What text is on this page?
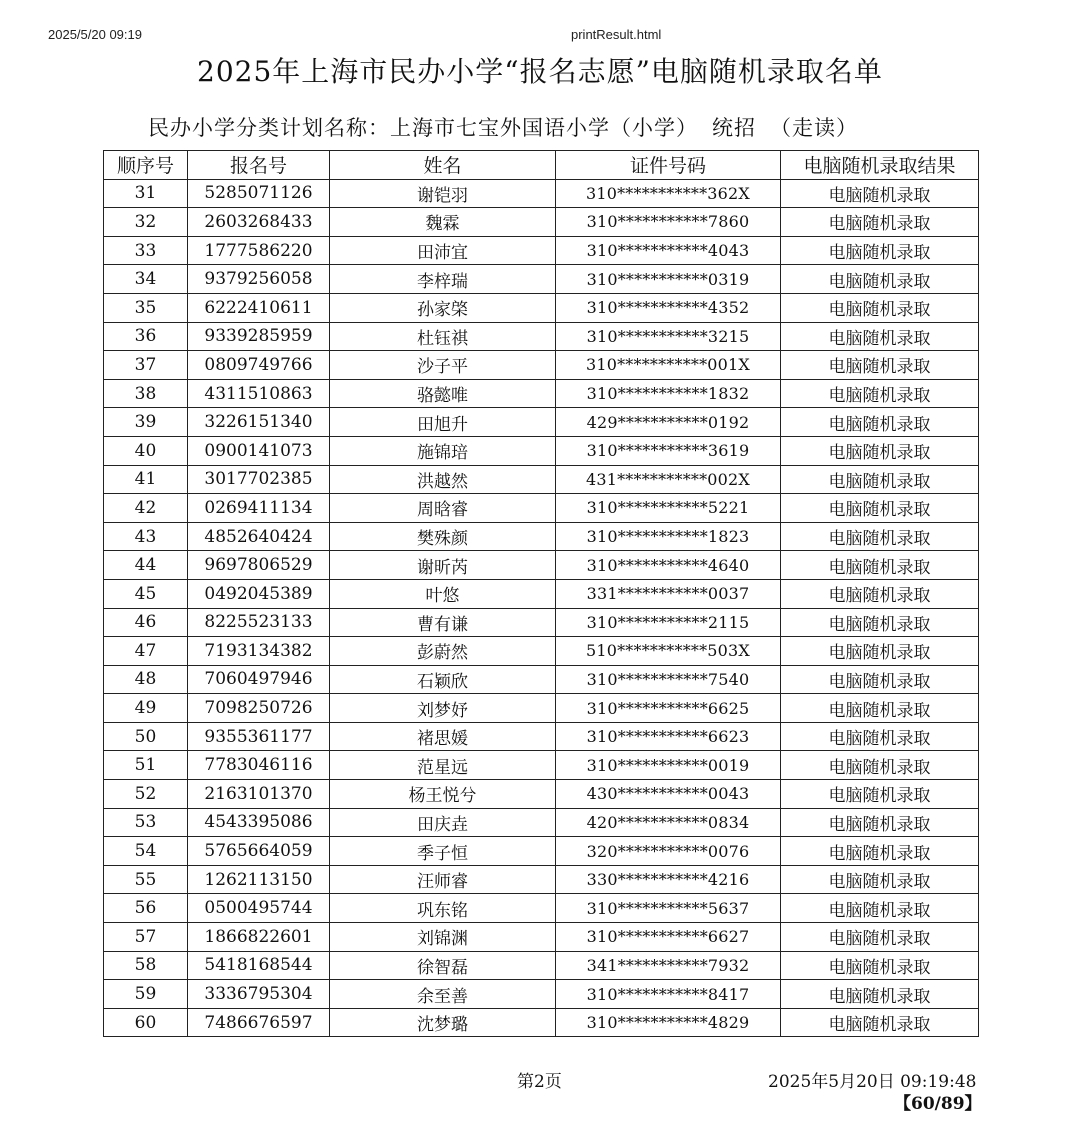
2025/5/20 09:19	printResult.html
2025年上海市民办小学“报名志愿”电脑随机录取名单
民办小学分类计划名称：上海市七宝外国语小学（小学） 统招 （走读）
顺序号	报名号	姓名	证件号码	电脑随机录取结果
31	5285071126	谢铠羽	310***********362X	电脑随机录取
32	2603268433	魏霖	310***********7860	电脑随机录取
33	1777586220	田沛宜	310***********4043	电脑随机录取
34	9379256058	李梓瑞	310***********0319	电脑随机录取
35	6222410611	孙家棨	310***********4352	电脑随机录取
36	9339285959	杜钰祺	310***********3215	电脑随机录取
37	0809749766	沙子平	310***********001X	电脑随机录取
38	4311510863	骆懿唯	310***********1832	电脑随机录取
39	3226151340	田旭升	429***********0192	电脑随机录取
40	0900141073	施锦琣	310***********3619	电脑随机录取
41	3017702385	洪越然	431***********002X	电脑随机录取
42	0269411134	周晗睿	310***********5221	电脑随机录取
43	4852640424	樊殊颜	310***********1823	电脑随机录取
44	9697806529	谢昕芮	310***********4640	电脑随机录取
45	0492045389	叶悠	331***********0037	电脑随机录取
46	8225523133	曹有谦	310***********2115	电脑随机录取
47	7193134382	彭蔚然	510***********503X	电脑随机录取
48	7060497946	石颖欣	310***********7540	电脑随机录取
49	7098250726	刘梦妤	310***********6625	电脑随机录取
50	9355361177	褚思媛	310***********6623	电脑随机录取
51	7783046116	范星远	310***********0019	电脑随机录取
52	2163101370	杨王悦兮	430***********0043	电脑随机录取
53	4543395086	田庆垚	420***********0834	电脑随机录取
54	5765664059	季子恒	320***********0076	电脑随机录取
55	1262113150	汪师睿	330***********4216	电脑随机录取
56	0500495744	巩东铭	310***********5637	电脑随机录取
57	1866822601	刘锦渊	310***********6627	电脑随机录取
58	5418168544	徐智磊	341***********7932	电脑随机录取
59	3336795304	余至善	310***********8417	电脑随机录取
60	7486676597	沈梦璐	310***********4829	电脑随机录取
第2页	2025年5月20日 09:19:48
【60/89】
